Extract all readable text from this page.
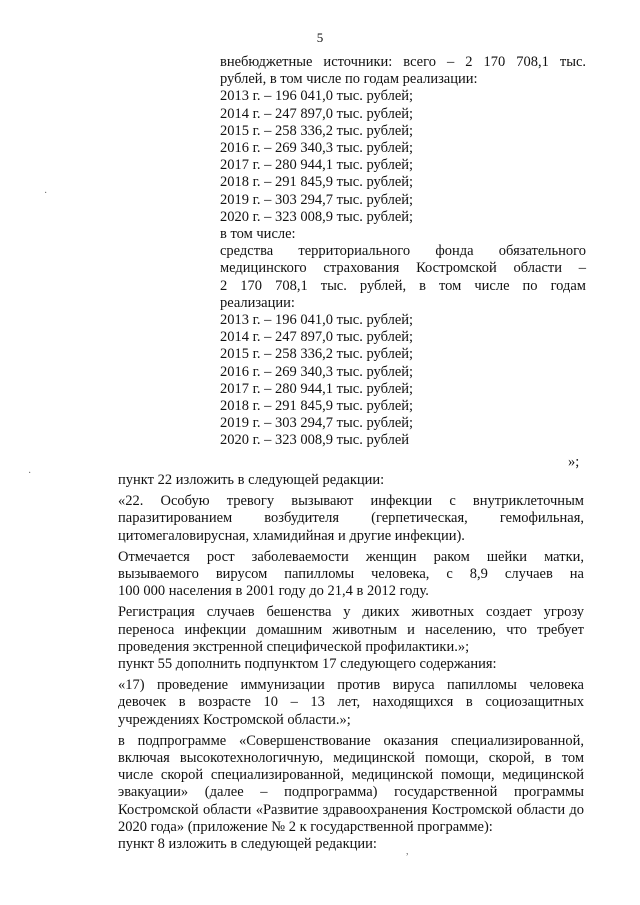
5

внебюджетные источники: всего – 2 170 708,1 тыс.

рублей, в том числе по годам реализации:

2013 г. – 196 041,0 тыс. рублей;

2014 г. – 247 897,0 тыс. рублей;

2015 г. – 258 336,2 тыс. рублей;

2016 г. – 269 340,3 тыс. рублей;

2017 г. – 280 944,1 тыс. рублей;

2018 г. – 291 845,9 тыс. рублей;

2019 г. – 303 294,7 тыс. рублей;

2020 г. – 323 008,9 тыс. рублей;

в том числе:

средства территориального фонда обязательного

медицинского страхования Костромской области –

2 170 708,1 тыс. рублей, в том числе по годам

реализации:

2013 г. – 196 041,0 тыс. рублей;

2014 г. – 247 897,0 тыс. рублей;

2015 г. – 258 336,2 тыс. рублей;

2016 г. – 269 340,3 тыс. рублей;

2017 г. – 280 944,1 тыс. рублей;

2018 г. – 291 845,9 тыс. рублей;

2019 г. – 303 294,7 тыс. рублей;

2020 г. – 323 008,9 тыс. рублей

»;

пункт 22 изложить в следующей редакции:

«22. Особую тревогу вызывают инфекции с внутриклеточным
паразитированием возбудителя (герпетическая, гемофильная,
цитомегаловирусная, хламидийная и другие инфекции).

Отмечается рост заболеваемости женщин раком шейки матки,
вызываемого вирусом папилломы человека, с 8,9 случаев на
100 000 населения в 2001 году до 21,4 в 2012 году.

Регистрация случаев бешенства у диких животных создает угрозу
переноса инфекции домашним животным и населению, что требует
проведения экстренной специфической профилактики.»;

пункт 55 дополнить подпунктом 17 следующего содержания:

«17) проведение иммунизации против вируса папилломы человека
девочек в возрасте 10 – 13 лет, находящихся в социозащитных
учреждениях Костромской области.»;

в подпрограмме «Совершенствование оказания специализированной,
включая высокотехнологичную, медицинской помощи, скорой, в том
числе скорой специализированной, медицинской помощи, медицинской
эвакуации» (далее – подпрограмма) государственной программы
Костромской области «Развитие здравоохранения Костромской области до
2020 года» (приложение № 2 к государственной программе):

пункт 8 изложить в следующей редакции:

·
·
,
